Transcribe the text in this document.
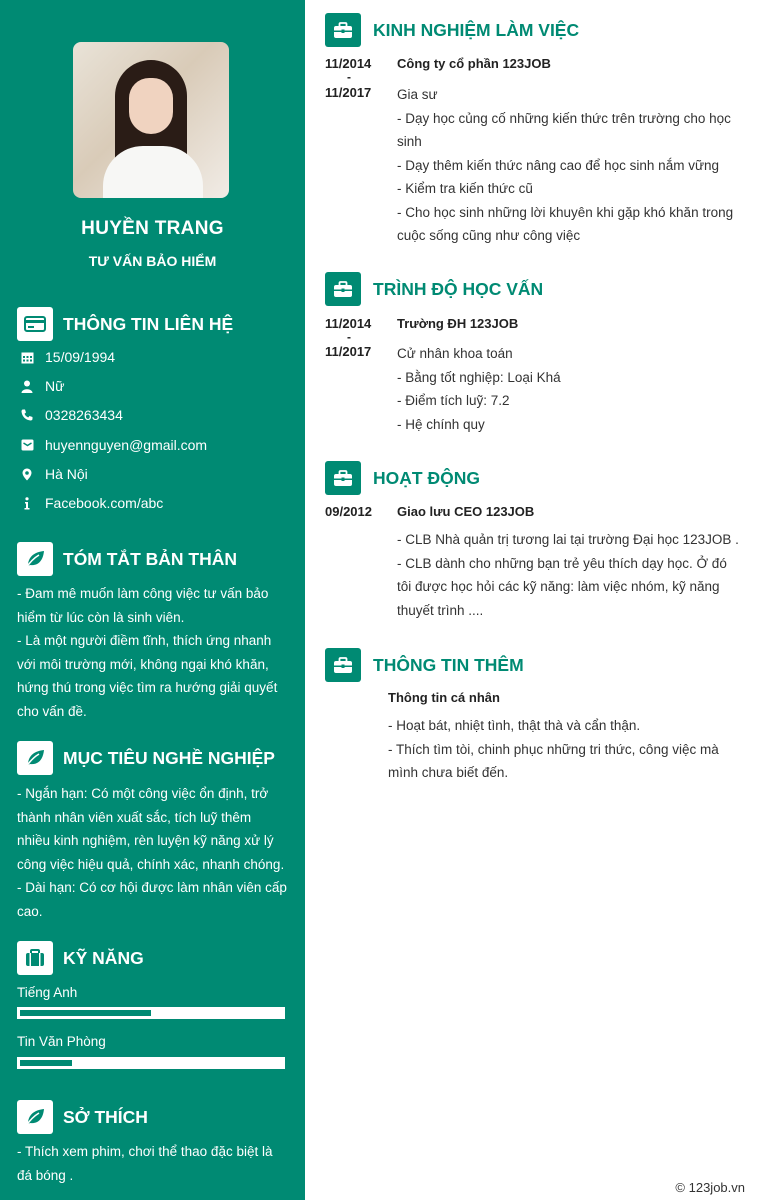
HUYỀN TRANG
TƯ VẤN BẢO HIỂM
THÔNG TIN LIÊN HỆ
15/09/1994
Nữ
0328263434
huyennguyen@gmail.com
Hà Nội
Facebook.com/abc
TÓM TẮT BẢN THÂN
- Đam mê muốn làm công việc tư vấn bảo hiểm từ lúc còn là sinh viên.
- Là một người điềm tĩnh, thích ứng nhanh với môi trường mới, không ngại khó khăn, hứng thú trong việc tìm ra hướng giải quyết cho vấn đề.
MỤC TIÊU NGHỀ NGHIỆP
- Ngắn hạn: Có một công việc ổn định, trở thành nhân viên xuất sắc, tích luỹ thêm nhiều kinh nghiệm, rèn luyện kỹ năng xử lý công việc hiệu quả, chính xác, nhanh chóng.
- Dài hạn: Có cơ hội được làm nhân viên cấp cao.
KỸ NĂNG
Tiếng Anh
Tin Văn Phòng
SỞ THÍCH
- Thích xem phim, chơi thể thao đặc biệt là đá bóng .
KINH NGHIỆM LÀM VIỆC
11/2014
-
11/2017
Công ty cổ phần 123JOB
Gia sư
- Dạy học củng cố những kiến thức trên trường cho học sinh
- Dạy thêm kiến thức nâng cao để học sinh nắm vững
- Kiểm tra kiến thức cũ
- Cho học sinh những lời khuyên khi gặp khó khăn trong cuộc sống cũng như công việc
TRÌNH ĐỘ HỌC VẤN
11/2014
-
11/2017
Trường ĐH 123JOB
Cử nhân khoa toán
- Bằng tốt nghiệp: Loại Khá
- Điểm tích luỹ: 7.2
- Hệ chính quy
HOẠT ĐỘNG
09/2012 Giao lưu CEO 123JOB
- CLB Nhà quản trị tương lai tại trường Đại học 123JOB .
- CLB dành cho những bạn trẻ yêu thích dạy học. Ở đó tôi được học hỏi các kỹ năng: làm việc nhóm, kỹ năng thuyết trình ....
THÔNG TIN THÊM
Thông tin cá nhân
- Hoạt bát, nhiệt tình, thật thà và cẩn thận.
- Thích tìm tòi, chinh phục những tri thức, công việc mà mình chưa biết đến.
© 123job.vn
